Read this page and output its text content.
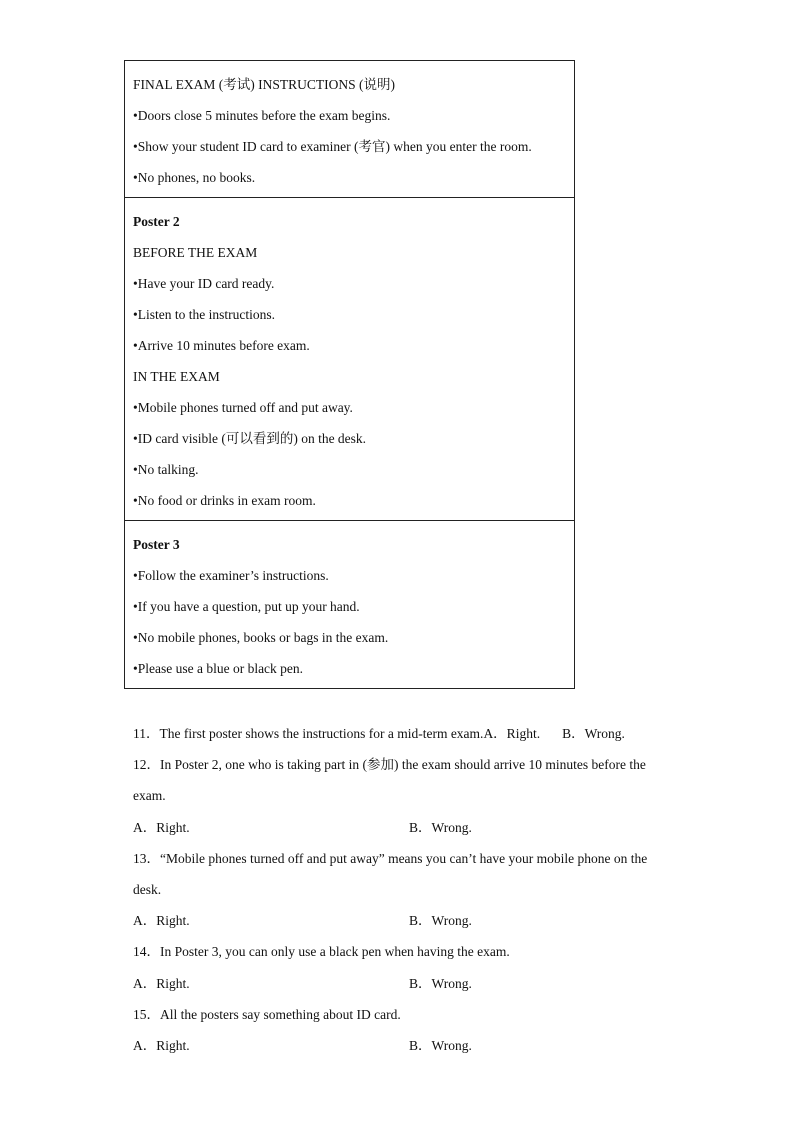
FINAL EXAM (考试) INSTRUCTIONS (说明)
•Doors close 5 minutes before the exam begins.
•Show your student ID card to examiner (考官) when you enter the room.
•No phones, no books.
Poster 2
BEFORE THE EXAM
•Have your ID card ready.
•Listen to the instructions.
•Arrive 10 minutes before exam.
IN THE EXAM
•Mobile phones turned off and put away.
•ID card visible (可以看到的) on the desk.
•No talking.
•No food or drinks in exam room.
Poster 3
•Follow the examiner’s instructions.
•If you have a question, put up your hand.
•No mobile phones, books or bags in the exam.
•Please use a blue or black pen.
11．The first poster shows the instructions for a mid-term exam.A．Right. B．Wrong.
12．In Poster 2, one who is taking part in (参加) the exam should arrive 10 minutes before the
exam.
A．Right.	B．Wrong.
13．“Mobile phones turned off and put away” means you can’t have your mobile phone on the
desk.
A．Right.	B．Wrong.
14．In Poster 3, you can only use a black pen when having the exam.
A．Right.	B．Wrong.
15．All the posters say something about ID card.
A．Right.	B．Wrong.
